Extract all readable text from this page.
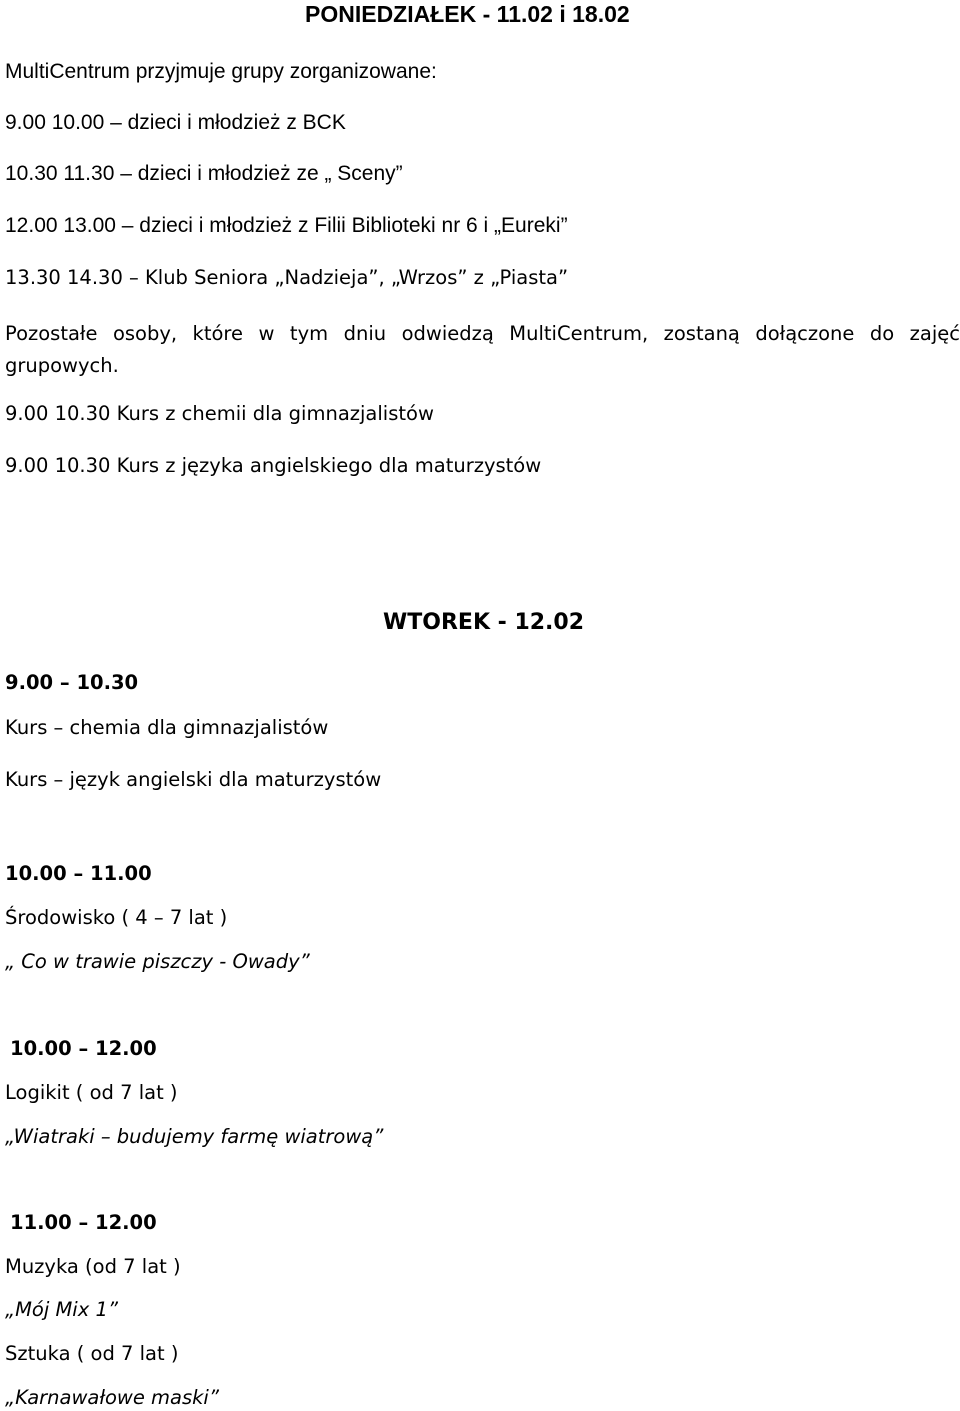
PONIEDZIAŁEK - 11.02 i 18.02
MultiCentrum przyjmuje grupy zorganizowane:
9.00 10.00 – dzieci i młodzież z BCK
10.30 11.30 – dzieci i młodzież ze „ Sceny”
12.00 13.00 – dzieci i młodzież z Filii Biblioteki nr 6 i „Eureki”
13.30 14.30 – Klub Seniora „Nadzieja”, „Wrzos” z „Piasta”
Pozostałe osoby, które w tym dniu odwiedzą MultiCentrum, zostaną dołączone do zajęć grupowych.
9.00 10.30 Kurs z chemii dla gimnazjalistów
9.00 10.30 Kurs z języka angielskiego dla maturzystów
WTOREK - 12.02
9.00 – 10.30
Kurs – chemia dla gimnazjalistów
Kurs – język angielski dla maturzystów
10.00 – 11.00
Środowisko ( 4 – 7 lat )
„ Co w trawie piszczy - Owady”
10.00 – 12.00
Logikit ( od 7 lat )
„Wiatraki – budujemy farmę wiatrową”
11.00 – 12.00
Muzyka (od 7 lat )
„Mój Mix 1”
Sztuka ( od 7 lat )
„Karnawałowe maski”
